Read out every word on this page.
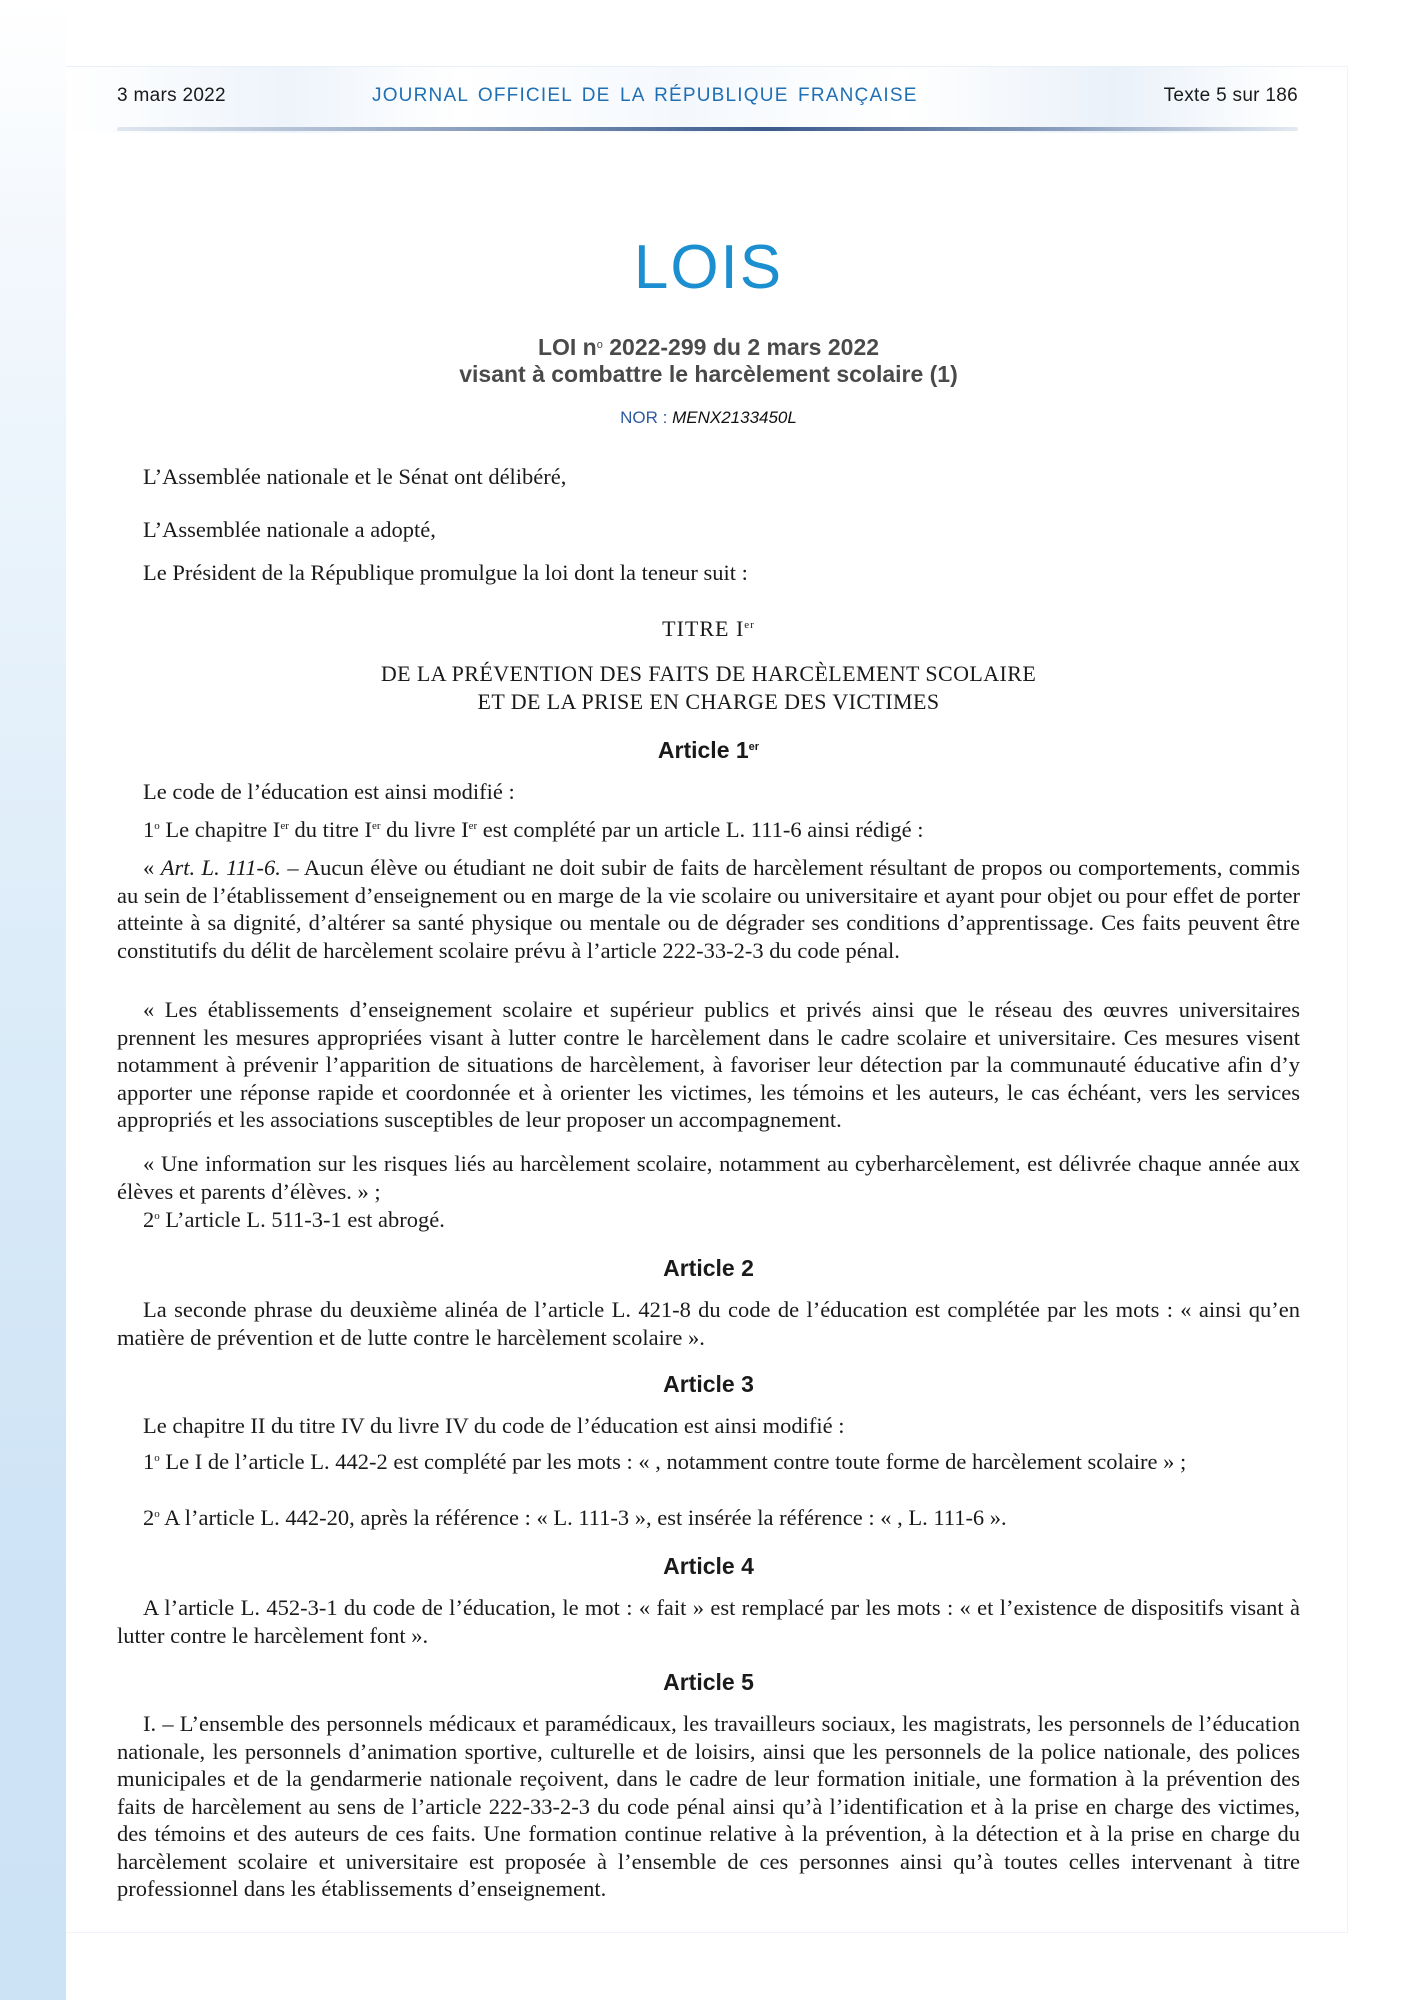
3 mars 2022	JOURNAL OFFICIEL DE LA RÉPUBLIQUE FRANÇAISE	Texte 5 sur 186
LOIS
LOI $n^o$ 2022-299 du 2 mars 2022
visant à combattre le harcèlement scolaire (1)
NOR : MENX2133450L

L’Assemblée nationale et le Sénat ont délibéré,

L’Assemblée nationale a adopté,

Le Président de la République promulgue la loi dont la teneur suit :

TITRE Ier
DE LA PRÉVENTION DES FAITS DE HARCÈLEMENT SCOLAIRE
ET DE LA PRISE EN CHARGE DES VICTIMES
Article 1er

Le code de l’éducation est ainsi modifié :

1$^o$ Le chapitre Ier du titre Ier du livre Ier est complété par un article L. 111-6 ainsi rédigé :

« Art. L. 111-6. – Aucun élève ou étudiant ne doit subir de faits de harcèlement résultant de propos ou comportements, commis au sein de l’établissement d’enseignement ou en marge de la vie scolaire ou universitaire et ayant pour objet ou pour effet de porter atteinte à sa dignité, d’altérer sa santé physique ou mentale ou de dégrader ses conditions d’apprentissage. Ces faits peuvent être constitutifs du délit de harcèlement scolaire prévu à l’article 222-33-2-3 du code pénal.

« Les établissements d’enseignement scolaire et supérieur publics et privés ainsi que le réseau des œuvres universitaires prennent les mesures appropriées visant à lutter contre le harcèlement dans le cadre scolaire et universitaire. Ces mesures visent notamment à prévenir l’apparition de situations de harcèlement, à favoriser leur détection par la communauté éducative afin d’y apporter une réponse rapide et coordonnée et à orienter les victimes, les témoins et les auteurs, le cas échéant, vers les services appropriés et les associations susceptibles de leur proposer un accompagnement.

« Une information sur les risques liés au harcèlement scolaire, notamment au cyberharcèlement, est délivrée chaque année aux élèves et parents d’élèves. » ;

2$^o$ L’article L. 511-3-1 est abrogé.

Article 2

La seconde phrase du deuxième alinéa de l’article L. 421-8 du code de l’éducation est complétée par les mots : « ainsi qu’en matière de prévention et de lutte contre le harcèlement scolaire ».

Article 3

Le chapitre II du titre IV du livre IV du code de l’éducation est ainsi modifié :

1$^o$ Le I de l’article L. 442-2 est complété par les mots : « , notamment contre toute forme de harcèlement scolaire » ;

2$^o$ A l’article L. 442-20, après la référence : « L. 111-3 », est insérée la référence : « , L. 111-6 ».

Article 4

A l’article L. 452-3-1 du code de l’éducation, le mot : « fait » est remplacé par les mots : « et l’existence de dispositifs visant à lutter contre le harcèlement font ».

Article 5

I. – L’ensemble des personnels médicaux et paramédicaux, les travailleurs sociaux, les magistrats, les personnels de l’éducation nationale, les personnels d’animation sportive, culturelle et de loisirs, ainsi que les personnels de la police nationale, des polices municipales et de la gendarmerie nationale reçoivent, dans le cadre de leur formation initiale, une formation à la prévention des faits de harcèlement au sens de l’article 222-33-2-3 du code pénal ainsi qu’à l’identification et à la prise en charge des victimes, des témoins et des auteurs de ces faits. Une formation continue relative à la prévention, à la détection et à la prise en charge du harcèlement scolaire et universitaire est proposée à l’ensemble de ces personnes ainsi qu’à toutes celles intervenant à titre professionnel dans les établissements d’enseignement.
